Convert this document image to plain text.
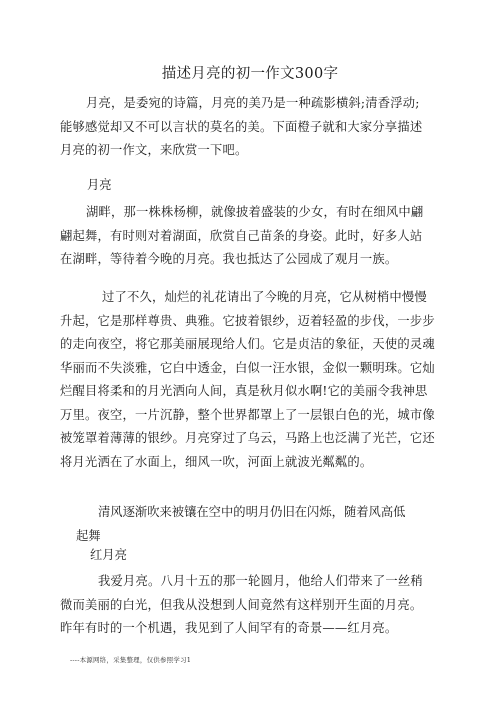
描述月亮的初一作文300字

月亮，是委宛的诗篇，月亮的美乃是一种疏影横斜;清香浮动;能够感觉却又不可以言状的莫名的美。下面橙子就和大家分享描述月亮的初一作文，来欣赏一下吧。

月亮

湖畔，那一株株杨柳，就像披着盛装的少女，有时在细风中翩翩起舞，有时则对着湖面，欣赏自己苗条的身姿。此时，好多人站在湖畔，等待着今晚的月亮。我也抵达了公园成了观月一族。

过了不久，灿烂的礼花请出了今晚的月亮，它从树梢中慢慢升起，它是那样尊贵、典雅。它披着银纱，迈着轻盈的步伐，一步步的走向夜空，将它那美丽展现给人们。它是贞洁的象征，天使的灵魂华丽而不失淡雅，它白中透金，白似一汪水银，金似一颗明珠。它灿烂醒目将柔和的月光洒向人间，真是秋月似水啊!它的美丽令我神思万里。夜空，一片沉静，整个世界都罩上了一层银白色的光，城市像被笼罩着薄薄的银纱。月亮穿过了乌云，马路上也泛满了光芒，它还将月光洒在了水面上，细风一吹，河面上就波光粼粼的。

清风逐渐吹来被镶在空中的明月仍旧在闪烁，随着风高低起舞

红月亮

我爱月亮。八月十五的那一轮圆月，他给人们带来了一丝稍微而美丽的白光，但我从没想到人间竟然有这样别开生面的月亮。昨年有时的一个机遇，我见到了人间罕有的奇景——红月亮。

----本源网络，采集整理，仅供参照学习1
